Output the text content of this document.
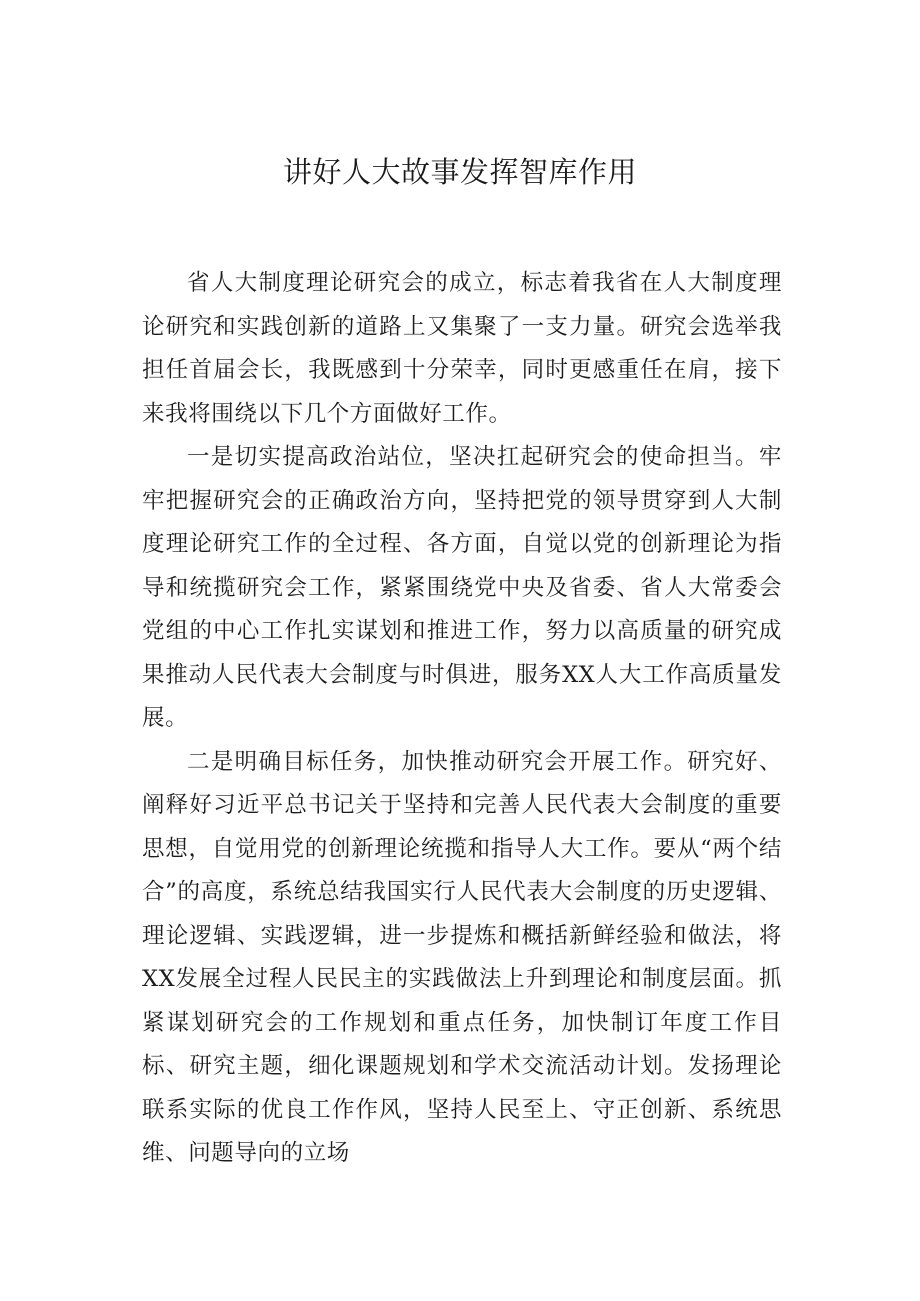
讲好人大故事发挥智库作用

省人大制度理论研究会的成立，标志着我省在人大制度理论研究和实践创新的道路上又集聚了一支力量。研究会选举我担任首届会长，我既感到十分荣幸，同时更感重任在肩，接下来我将围绕以下几个方面做好工作。

一是切实提高政治站位，坚决扛起研究会的使命担当。牢牢把握研究会的正确政治方向，坚持把党的领导贯穿到人大制度理论研究工作的全过程、各方面，自觉以党的创新理论为指导和统揽研究会工作，紧紧围绕党中央及省委、省人大常委会党组的中心工作扎实谋划和推进工作，努力以高质量的研究成果推动人民代表大会制度与时俱进，服务XX人大工作高质量发展。

二是明确目标任务，加快推动研究会开展工作。研究好、阐释好习近平总书记关于坚持和完善人民代表大会制度的重要思想，自觉用党的创新理论统揽和指导人大工作。要从“两个结合”的高度，系统总结我国实行人民代表大会制度的历史逻辑、理论逻辑、实践逻辑，进一步提炼和概括新鲜经验和做法，将XX发展全过程人民民主的实践做法上升到理论和制度层面。抓紧谋划研究会的工作规划和重点任务，加快制订年度工作目标、研究主题，细化课题规划和学术交流活动计划。发扬理论联系实际的优良工作作风，坚持人民至上、守正创新、系统思维、问题导向的立场
